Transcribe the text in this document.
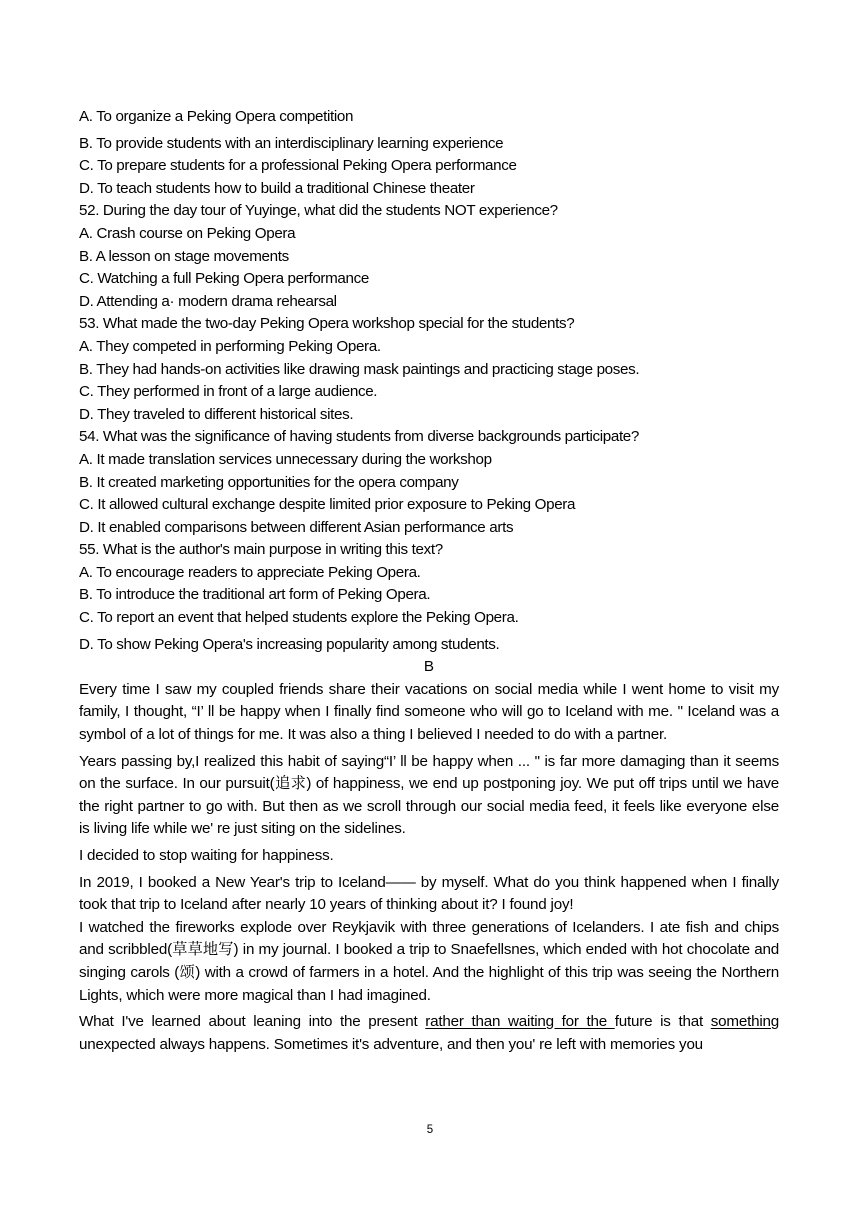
A. To organize a Peking Opera competition
B. To provide students with an interdisciplinary learning experience
C. To prepare students for a professional Peking Opera performance
D. To teach students how to build a traditional Chinese theater
52. During the day tour of Yuyinge, what did the students NOT experience?
A. Crash course on Peking Opera
B. A lesson on stage movements
C. Watching a full Peking Opera performance
D. Attending a· modern drama rehearsal
53. What made the two-day Peking Opera workshop special for the students?
A. They competed in performing Peking Opera.
B. They had hands-on activities like drawing mask paintings and practicing stage poses.
C. They performed in front of a large audience.
D. They traveled to different historical sites.
54. What was the significance of having students from diverse backgrounds participate?
A. It made translation services unnecessary during the workshop
B. It created marketing opportunities for the opera company
C. It allowed cultural exchange despite limited prior exposure to Peking Opera
D. It enabled comparisons between different Asian performance arts
55. What is the author's main purpose in writing this text?
A. To encourage readers to appreciate Peking Opera.
B. To introduce the traditional art form of Peking Opera.
C. To report an event that helped students explore the Peking Opera.
D. To show Peking Opera's increasing popularity among students.
B

Every time I saw my coupled friends share their vacations on social media while I went home to visit my family, I thought, “I’ ll be happy when I finally find someone who will go to Iceland with me. " Iceland was a symbol of a lot of things for me. It was also a thing I believed I needed to do with a partner.

Years passing by,I realized this habit of saying“I’ ll be happy when ... " is far more damaging than it seems on the surface. In our pursuit(追求) of happiness, we end up postponing joy. We put off trips until we have the right partner to go with. But then as we scroll through our social media feed, it feels like everyone else is living life while we' re just siting on the sidelines.

I decided to stop waiting for happiness.

In 2019, I booked a New Year's trip to Iceland—— by myself. What do you think happened when I finally took that trip to Iceland after nearly 10 years of thinking about it? I found joy!

I watched the fireworks explode over Reykjavik with three generations of Icelanders. I ate fish and chips and scribbled(草草地写) in my journal. I booked a trip to Snaefellsnes, which ended with hot chocolate and singing carols (颂) with a crowd of farmers in a hotel. And the highlight of this trip was seeing the Northern Lights, which were more magical than I had imagined.

What I've learned about leaning into the present rather than waiting for the future is that something unexpected always happens. Sometimes it's adventure, and then you' re left with memories you

5
